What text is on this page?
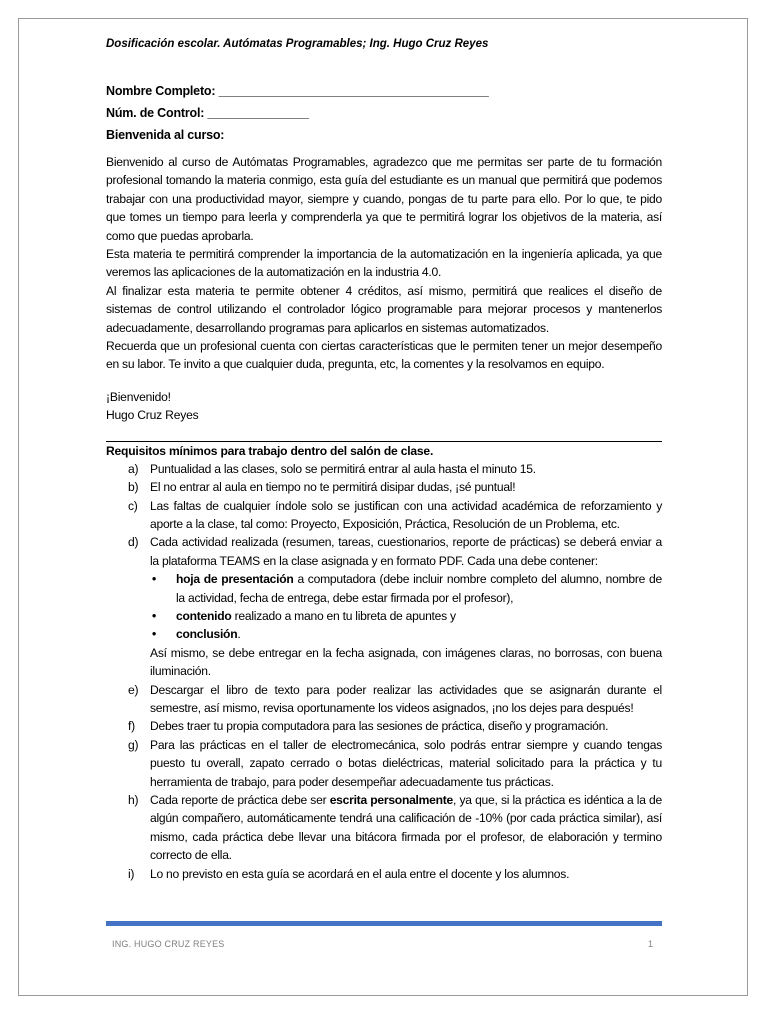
Dosificación escolar. Autómatas Programables; Ing. Hugo Cruz Reyes
Nombre Completo: ________________________________________
Núm. de Control: _______________
Bienvenida al curso:

Bienvenido al curso de Autómatas Programables, agradezco que me permitas ser parte de tu formación profesional tomando la materia conmigo, esta guía del estudiante es un manual que permitirá que podemos trabajar con una productividad mayor, siempre y cuando, pongas de tu parte para ello. Por lo que, te pido que tomes un tiempo para leerla y comprenderla ya que te permitirá lograr los objetivos de la materia, así como que puedas aprobarla.

Esta materia te permitirá comprender la importancia de la automatización en la ingeniería aplicada, ya que veremos las aplicaciones de la automatización en la industria 4.0.

Al finalizar esta materia te permite obtener 4 créditos, así mismo, permitirá que realices el diseño de sistemas de control utilizando el controlador lógico programable para mejorar procesos y mantenerlos adecuadamente, desarrollando programas para aplicarlos en sistemas automatizados.

Recuerda que un profesional cuenta con ciertas características que le permiten tener un mejor desempeño en su labor. Te invito a que cualquier duda, pregunta, etc, la comentes y la resolvamos en equipo.

¡Bienvenido!
Hugo Cruz Reyes
Requisitos mínimos para trabajo dentro del salón de clase.
a) Puntualidad a las clases, solo se permitirá entrar al aula hasta el minuto 15.
b) El no entrar al aula en tiempo no te permitirá disipar dudas, ¡sé puntual!
c) Las faltas de cualquier índole solo se justifican con una actividad académica de reforzamiento y aporte a la clase, tal como: Proyecto, Exposición, Práctica, Resolución de un Problema, etc.
d) Cada actividad realizada (resumen, tareas, cuestionarios, reporte de prácticas) se deberá enviar a la plataforma TEAMS en la clase asignada y en formato PDF. Cada una debe contener:
• hoja de presentación a computadora (debe incluir nombre completo del alumno, nombre de la actividad, fecha de entrega, debe estar firmada por el profesor),
• contenido realizado a mano en tu libreta de apuntes y
• conclusión.
Así mismo, se debe entregar en la fecha asignada, con imágenes claras, no borrosas, con buena iluminación.
e) Descargar el libro de texto para poder realizar las actividades que se asignarán durante el semestre, así mismo, revisa oportunamente los videos asignados, ¡no los dejes para después!
f) Debes traer tu propia computadora para las sesiones de práctica, diseño y programación.
g) Para las prácticas en el taller de electromecánica, solo podrás entrar siempre y cuando tengas puesto tu overall, zapato cerrado o botas dieléctricas, material solicitado para la práctica y tu herramienta de trabajo, para poder desempeñar adecuadamente tus prácticas.
h) Cada reporte de práctica debe ser escrita personalmente, ya que, si la práctica es idéntica a la de algún compañero, automáticamente tendrá una calificación de -10% (por cada práctica similar), así mismo, cada práctica debe llevar una bitácora firmada por el profesor, de elaboración y termino correcto de ella.
i) Lo no previsto en esta guía se acordará en el aula entre el docente y los alumnos.
ING. HUGO CRUZ REYES	1
